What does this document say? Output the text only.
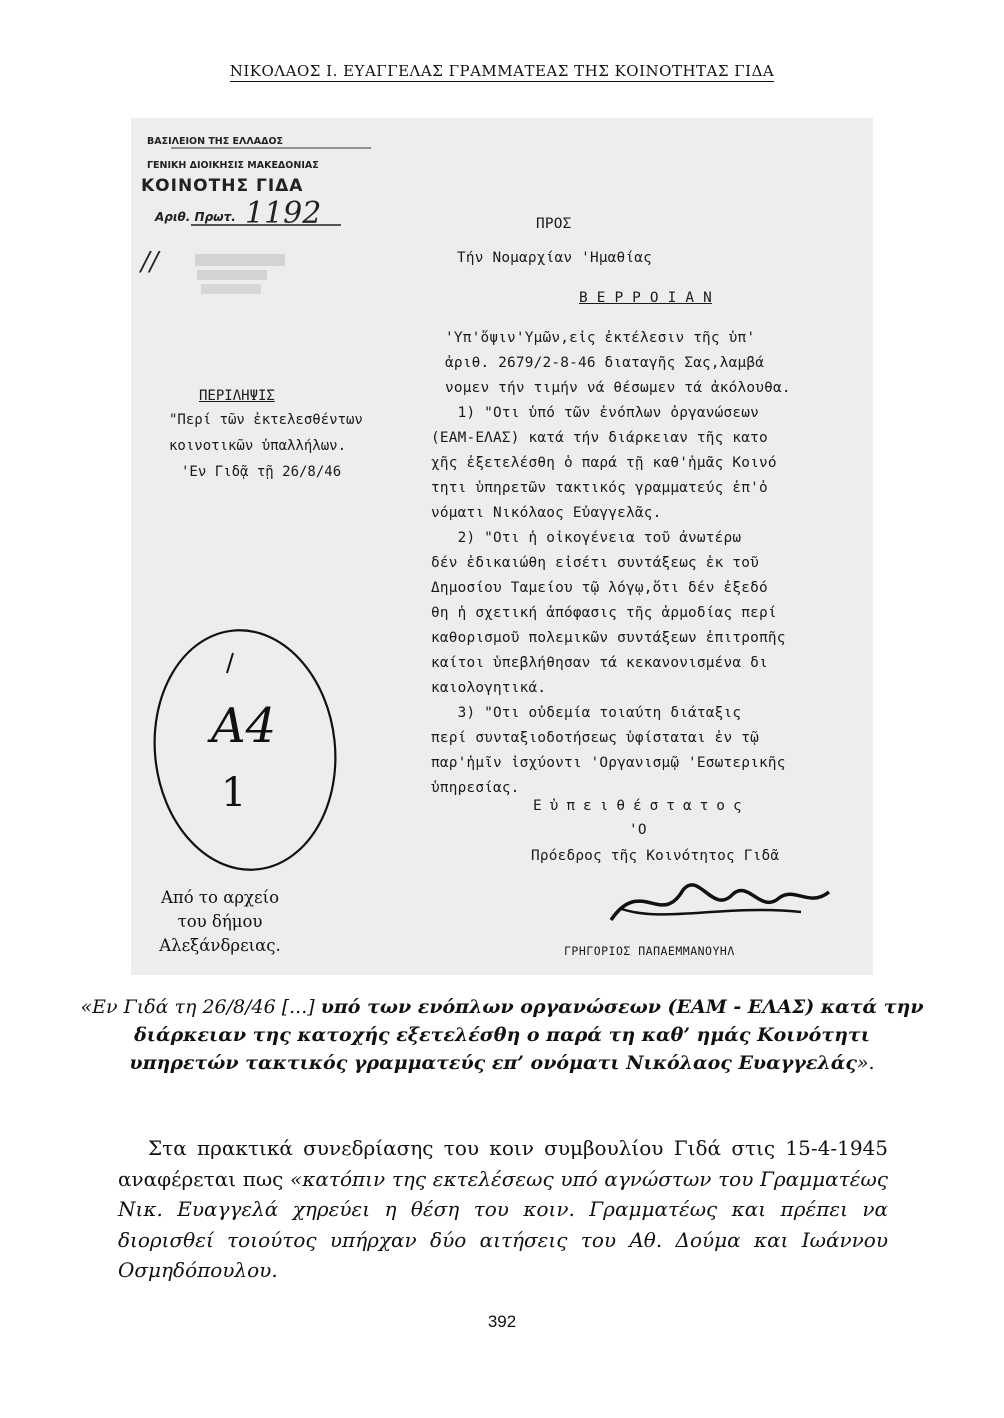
ΝΙΚΟΛΑΟΣ Ι. ΕΥΑΓΓΕΛΑΣ ΓΡΑΜΜΑΤΕΑΣ ΤΗΣ ΚΟΙΝΟΤΗΤΑΣ ΓΙΔΑ
ΒΑΣΙΛΕΙΟΝ ΤΗΣ ΕΛΛΑΔΟΣ
ΓΕΝΙΚΗ ΔΙΟΙΚΗΣΙΣ ΜΑΚΕΔΟΝΙΑΣ
ΚΟΙΝΟΤΗΣ ΓΙΔΑ
Αριθ. Πρωτ. 1192
//
ΠΕΡΙΛΗΨΙΣ
"Περί τῶν ἐκτελεσθέντων
κοινοτικῶν ὑπαλλήλων.
'Εν Γιδᾷ τῇ 26/8/46
Α4
1
ΠΡΟΣ
Τήν Νομαρχίαν 'Ημαθίας
Β Ε Ρ Ρ Ο Ι Α Ν
'Υπ'ὄψιν'Υμῶν,εἰς ἐκτέλεσιν τῆς ὑπ'
ἀριθ. 2679/2-8-46 διαταγῆς Σας,λαμβά
νομεν τήν τιμήν νά θέσωμεν τά ἀκόλουθα.
1) "Οτι ὑπό τῶν ἐνόπλων ὀργανώσεων
(ΕΑΜ-ΕΛΑΣ) κατά τήν διάρκειαν τῆς κατο
χῆς ἐξετελέσθη ὁ παρά τῇ καθ'ἡμᾶς Κοινό
τητι ὑπηρετῶν τακτικός γραμματεύς ἐπ'ὀ
νόματι Νικόλαος Εὐαγγελᾶς.
2) "Οτι ἡ οἰκογένεια τοῦ ἀνωτέρω
δέν ἐδικαιώθη εἰσέτι συντάξεως ἐκ τοῦ
Δημοσίου Ταμείου τῷ λόγῳ,ὅτι δέν ἐξεδό
θη ἡ σχετική ἀπόφασις τῆς ἁρμοδίας περί
καθορισμοῦ πολεμικῶν συντάξεων ἐπιτροπῆς
καίτοι ὑπεβλήθησαν τά κεκανονισμένα δι
καιολογητικά.
3) "Οτι οὐδεμία τοιαύτη διάταξις
περί συνταξιοδοτήσεως ὑφίσταται ἐν τῷ
παρ'ἡμῖν ἰσχύοντι 'Οργανισμῷ 'Εσωτερικῆς
ὑπηρεσίας.
Εὐπειθέστατος
'Ο
Πρόεδρος τῆς Κοινότητος Γιδᾶ
ΓΡΗΓΟΡΙΟΣ ΠΑΠΑΕΜΜΑΝΟΥΗΛ
Από το αρχείο του δήμου Αλεξάνδρειας.
«Εν Γιδά τη 26/8/46 [...] υπό των ενόπλων οργανώσεων (ΕΑΜ - ΕΛΑΣ) κατά την διάρκειαν της κατοχής εξετελέσθη ο παρά τη καθ’ ημάς Κοινότητι υπηρετών τακτικός γραμματεύς επ’ ονόματι Νικόλαος Ευαγγελάς».

Στα πρακτικά συνεδρίασης του κοιν συμβουλίου Γιδά στις 15-4-1945 αναφέρεται πως «κατόπιν της εκτελέσεως υπό αγνώστων του Γραμματέως Νικ. Ευαγγελά χηρεύει η θέση του κοιν. Γραμματέως και πρέπει να διορισθεί τοιούτος υπήρχαν δύο αιτήσεις του Αθ. Δούμα και Ιωάννου Οσμηδόπουλου.

392
